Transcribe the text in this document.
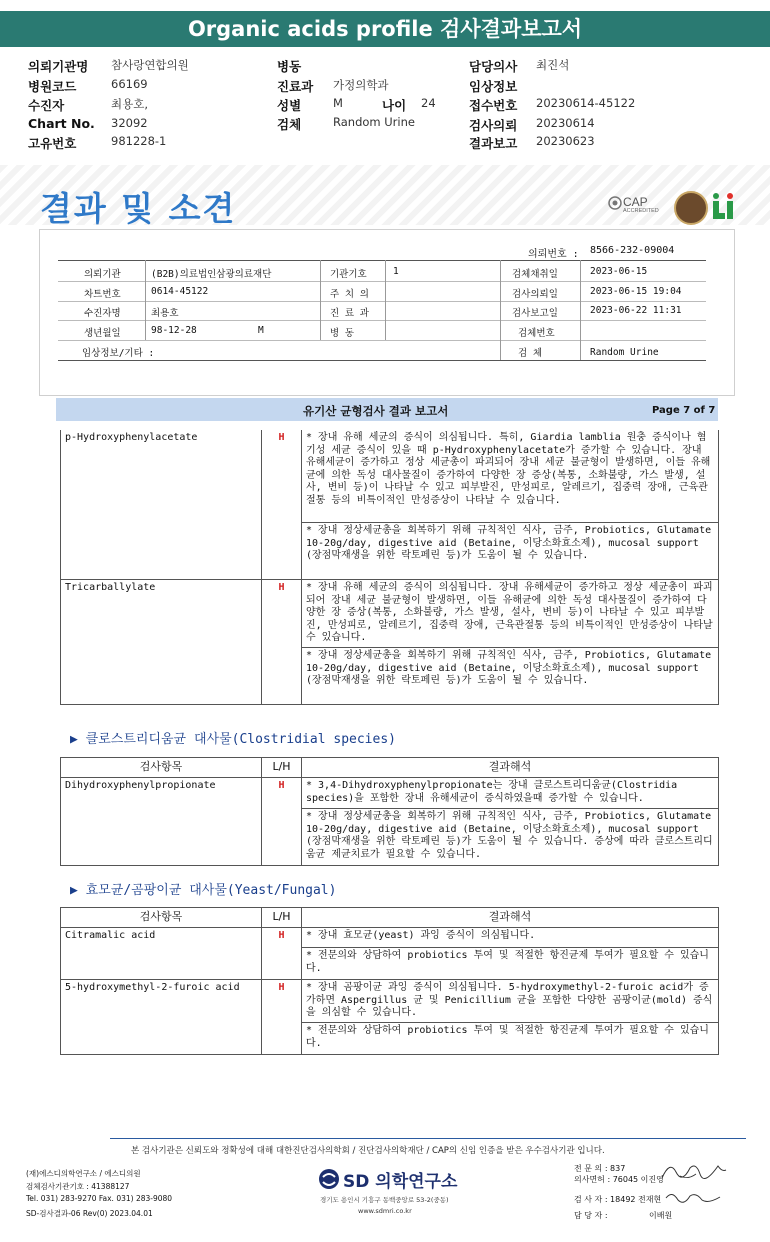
Organic acids profile 검사결과보고서
의뢰기관명 참사랑연합의원	병동	담당의사 최진석
병원코드	66169	진료과 가정의학과	임상정보
수진자	최용호,	성별	M	나이 24	접수번호 20230614-45122
Chart No. 32092	검체	Random Urine	검사의뢰 20230614
고유번호	981228-1	결과보고 20230623
결과 및 소견	CAP
ACCREDITED
의뢰번호 : 8566-232-09004
의뢰기관	(B2B)의료법인삼광의료재단	기관기호	1	검체채취일	2023-06-15
차트번호	0614-45122	주 치 의	검사의뢰일	2023-06-15 19:04
수진자명	최용호	진 료 과	검사보고일	2023-06-22 11:31
생년월일	98-12-28	M	병 동	검체번호
임상정보/기타 :	검 체	Random Urine
유기산 균형검사 결과 보고서	Page 7 of 7
p-Hydroxyphenylacetate	H	* 장내 유해 세균의 증식이 의심됩니다. 특히, Giardia lamblia 원충 증식이나 혐기성 세균 증식이 있을 때 p-Hydroxyphenylacetate가 증가할 수 있습니다. 장내 유해세균이 증가하고 정상 세균총이 파괴되어 장내 세균 불균형이 발생하면, 이들 유해균에 의한 독성 대사물질이 증가하여 다양한 장 증상(복통, 소화불량, 가스 발생, 설사, 변비 등)이 나타날 수 있고 피부발진, 만성피로, 알레르기, 집중력 장애, 근육관절통 등의 비특이적인 만성증상이 나타날 수 있습니다.
		* 장내 정상세균총을 회복하기 위해 규칙적인 식사, 금주, Probiotics, Glutamate 10-20g/day, digestive aid (Betaine, 이당소화효소제), mucosal support (장점막재생을 위한 락토페린 등)가 도움이 될 수 있습니다.
Tricarballylate	H	* 장내 유해 세균의 증식이 의심됩니다. 장내 유해세균이 증가하고 정상 세균총이 파괴되어 장내 세균 불균형이 발생하면, 이들 유해균에 의한 독성 대사물질이 증가하여 다양한 장 증상(복통, 소화불량, 가스 발생, 설사, 변비 등)이 나타날 수 있고 피부발진, 만성피로, 알레르기, 집중력 장애, 근육관절통 등의 비특이적인 만성증상이 나타날 수 있습니다.
		* 장내 정상세균총을 회복하기 위해 규칙적인 식사, 금주, Probiotics, Glutamate 10-20g/day, digestive aid (Betaine, 이당소화효소제), mucosal support (장점막재생을 위한 락토페린 등)가 도움이 될 수 있습니다.
▶ 클로스트리디움균 대사물(Clostridial species)
검사항목	L/H	결과해석
Dihydroxyphenylpropionate	H	* 3,4-Dihydroxyphenylpropionate는 장내 클로스트리디움균(Clostridia species)을 포함한 장내 유해세균이 증식하였을때 증가할 수 있습니다.
		* 장내 정상세균총을 회복하기 위해 규칙적인 식사, 금주, Probiotics, Glutamate 10-20g/day, digestive aid (Betaine, 이당소화효소제), mucosal support (장점막재생을 위한 락토페린 등)가 도움이 될 수 있습니다. 증상에 따라 클로스트리디움균 제균치료가 필요할 수 있습니다.
▶ 효모균/곰팡이균 대사물(Yeast/Fungal)
검사항목	L/H	결과해석
Citramalic acid	H	* 장내 효모균(yeast) 과잉 증식이 의심됩니다.
		* 전문의와 상담하여 probiotics 투여 및 적절한 항진균제 투여가 필요할 수 있습니다.
5-hydroxymethyl-2-furoic acid	H	* 장내 곰팡이균 과잉 증식이 의심됩니다. 5-hydroxymethyl-2-furoic acid가 증가하면 Aspergillus 균 및 Penicillium 균을 포함한 다양한 곰팡이균(mold) 증식을 의심할 수 있습니다.
		* 전문의와 상담하여 probiotics 투여 및 적절한 항진균제 투여가 필요할 수 있습니다.
본 검사기관은 신뢰도와 정확성에 대해 대한진단검사의학회 / 진단검사의학재단 / CAP의 신임 인증을 받은 우수검사기관 입니다.
(재)에스디의학연구소 / 에스디의원
검체검사기관기호 : 41388127
Tel. 031) 283-9270 Fax. 031) 283-9080
SD-검사결과-06 Rev(0) 2023.04.01
SD 의학연구소
경기도 용인시 기흥구 동백중앙로 53-2(중동)
www.sdmri.co.kr
전 문 의 : 837
의사면허 : 76045 이진영
검 사 자 : 18492 전재현
담 당 자 :	이배원
